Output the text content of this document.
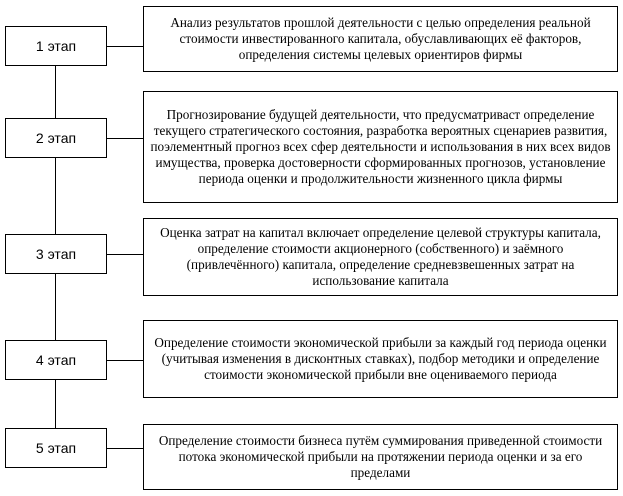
1 этап
2 этап
3 этап
4 этап
5 этап
Анализ результатов прошлой деятельности с целью определения реальной стоимости инвестированного капитала, обуславливающих её факторов, определения системы целевых ориентиров фирмы
Прогнозирование будущей деятельности, что предусматриваст определение текущего стратегического состояния, разработка вероятных сценариев развития, поэлементный прогноз всех сфер деятельности и использования в них всех видов имущества, проверка достоверности сформированных прогнозов, установление периода оценки и продолжительности жизненного цикла фирмы
Оценка затрат на капитал включает определение целевой структуры капитала, определение стоимости акционерного (собственного) и заёмного (привлечённого) капитала, определение средневзвешенных затрат на использование капитала
Определение стоимости экономической прибыли за каждый год периода оценки (учитывая изменения в дисконтных ставках), подбор методики и определение стоимости экономической прибыли вне оцениваемого периода
Определение стоимости бизнеса путём суммирования приведенной стоимости потока экономической прибыли на протяжении периода оценки и за его пределами
